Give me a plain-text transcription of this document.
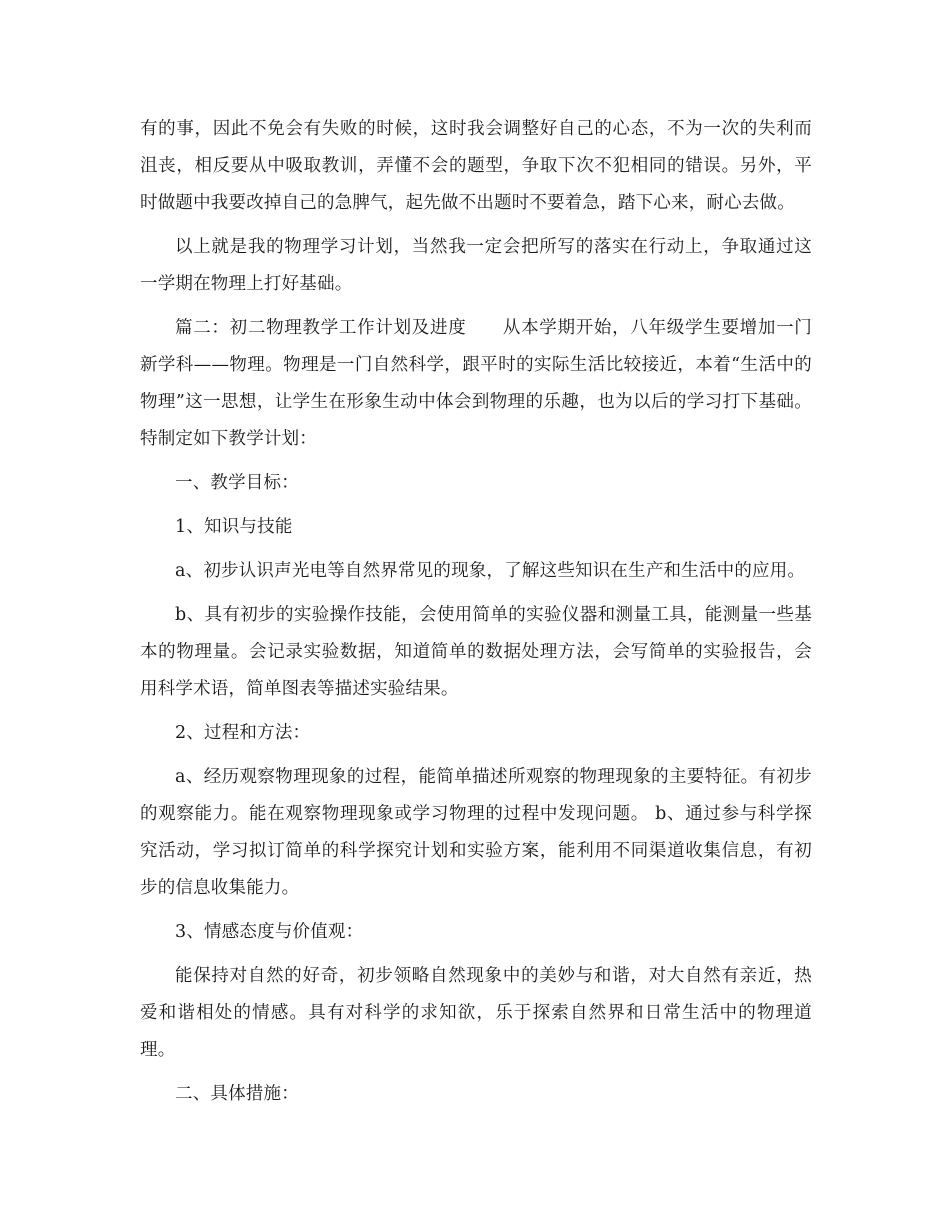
有的事，因此不免会有失败的时候，这时我会调整好自己的心态，不为一次的失利而沮丧，相反要从中吸取教训，弄懂不会的题型，争取下次不犯相同的错误。另外，平时做题中我要改掉自己的急脾气，起先做不出题时不要着急，踏下心来，耐心去做。

以上就是我的物理学习计划，当然我一定会把所写的落实在行动上，争取通过这一学期在物理上打好基础。

篇二：初二物理教学工作计划及进度　　从本学期开始，八年级学生要增加一门新学科——物理。物理是一门自然科学，跟平时的实际生活比较接近，本着“生活中的物理”这一思想，让学生在形象生动中体会到物理的乐趣，也为以后的学习打下基础。 特制定如下教学计划：

一、教学目标：

1、知识与技能

a、初步认识声光电等自然界常见的现象，了解这些知识在生产和生活中的应用。

b、具有初步的实验操作技能，会使用简单的实验仪器和测量工具，能测量一些基本的物理量。会记录实验数据，知道简单的数据处理方法，会写简单的实验报告，会用科学术语，简单图表等描述实验结果。

2、过程和方法：

a、经历观察物理现象的过程，能简单描述所观察的物理现象的主要特征。有初步的观察能力。能在观察物理现象或学习物理的过程中发现问题。 b、通过参与科学探究活动，学习拟订简单的科学探究计划和实验方案，能利用不同渠道收集信息，有初步的信息收集能力。

3、情感态度与价值观：

能保持对自然的好奇，初步领略自然现象中的美妙与和谐，对大自然有亲近，热爱和谐相处的情感。具有对科学的求知欲，乐于探索自然界和日常生活中的物理道理。

二、具体措施：
